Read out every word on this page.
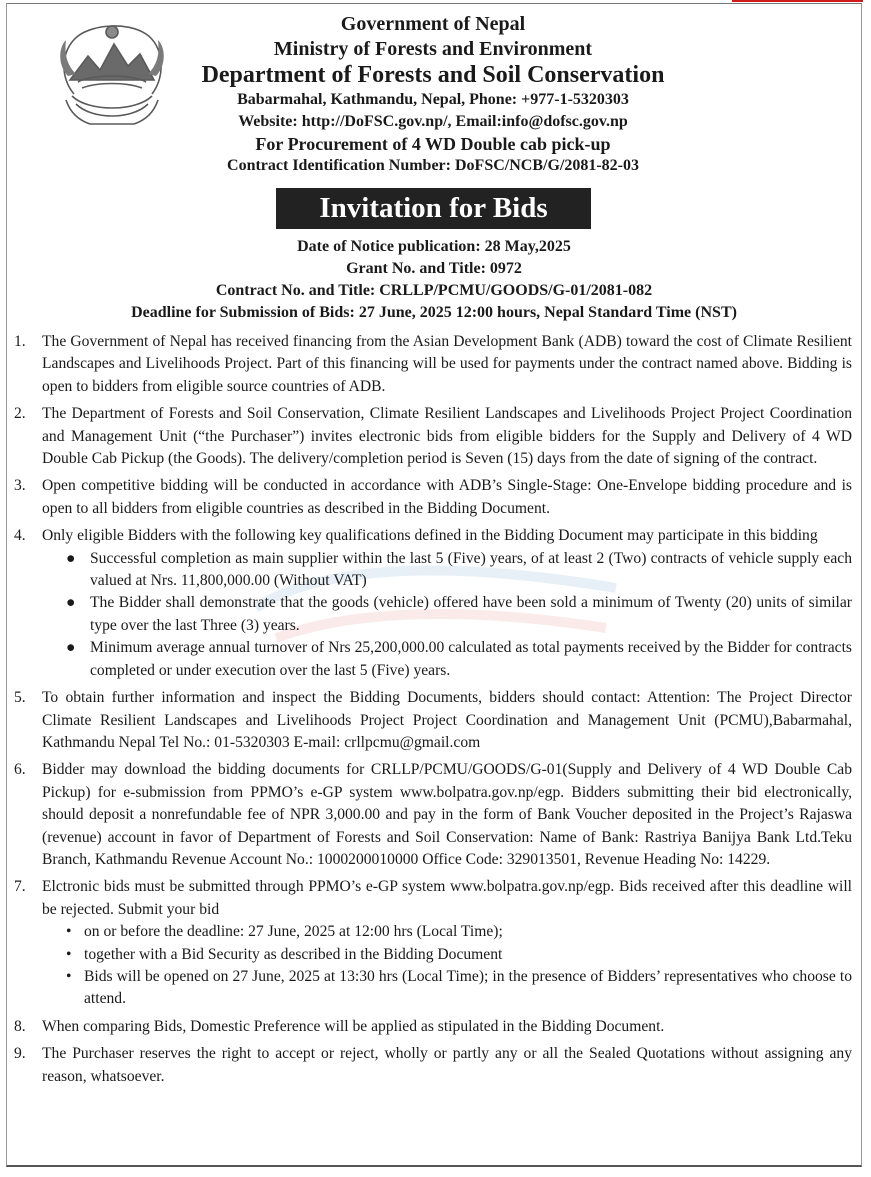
Government of Nepal
Ministry of Forests and Environment
Department of Forests and Soil Conservation
Babarmahal, Kathmandu, Nepal, Phone: +977-1-5320303
Website: http://DoFSC.gov.np/, Email:info@dofsc.gov.np
For Procurement of 4 WD Double cab pick-up
Contract Identification Number: DoFSC/NCB/G/2081-82-03
Invitation for Bids
Date of Notice publication: 28 May,2025
Grant No. and Title: 0972
Contract No. and Title: CRLLP/PCMU/GOODS/G-01/2081-082
Deadline for Submission of Bids: 27 June, 2025 12:00 hours, Nepal Standard Time (NST)
1. The Government of Nepal has received financing from the Asian Development Bank (ADB) toward the cost of Climate Resilient Landscapes and Livelihoods Project. Part of this financing will be used for payments under the contract named above. Bidding is open to bidders from eligible source countries of ADB.
2. The Department of Forests and Soil Conservation, Climate Resilient Landscapes and Livelihoods Project Project Coordination and Management Unit (“the Purchaser”) invites electronic bids from eligible bidders for the Supply and Delivery of 4 WD Double Cab Pickup (the Goods). The delivery/completion period is Seven (15) days from the date of signing of the contract.
3. Open competitive bidding will be conducted in accordance with ADB’s Single-Stage: One-Envelope bidding procedure and is open to all bidders from eligible countries as described in the Bidding Document.
4. Only eligible Bidders with the following key qualifications defined in the Bidding Document may participate in this bidding
● Successful completion as main supplier within the last 5 (Five) years, of at least 2 (Two) contracts of vehicle supply each valued at Nrs. 11,800,000.00 (Without VAT)
● The Bidder shall demonstrate that the goods (vehicle) offered have been sold a minimum of Twenty (20) units of similar type over the last Three (3) years.
● Minimum average annual turnover of Nrs 25,200,000.00 calculated as total payments received by the Bidder for contracts completed or under execution over the last 5 (Five) years.
5. To obtain further information and inspect the Bidding Documents, bidders should contact: Attention: The Project Director Climate Resilient Landscapes and Livelihoods Project Project Coordination and Management Unit (PCMU),Babarmahal, Kathmandu Nepal Tel No.: 01-5320303 E-mail: crllpcmu@gmail.com
6. Bidder may download the bidding documents for CRLLP/PCMU/GOODS/G-01(Supply and Delivery of 4 WD Double Cab Pickup) for e-submission from PPMO’s e-GP system www.bolpatra.gov.np/egp. Bidders submitting their bid electronically, should deposit a nonrefundable fee of NPR 3,000.00 and pay in the form of Bank Voucher deposited in the Project’s Rajaswa (revenue) account in favor of Department of Forests and Soil Conservation: Name of Bank: Rastriya Banijya Bank Ltd.Teku Branch, Kathmandu Revenue Account No.: 1000200010000 Office Code: 329013501, Revenue Heading No: 14229.
7. Elctronic bids must be submitted through PPMO’s e-GP system www.bolpatra.gov.np/egp. Bids received after this deadline will be rejected. Submit your bid
• on or before the deadline: 27 June, 2025 at 12:00 hrs (Local Time);
• together with a Bid Security as described in the Bidding Document
• Bids will be opened on 27 June, 2025 at 13:30 hrs (Local Time); in the presence of Bidders’ representatives who choose to attend.
8. When comparing Bids, Domestic Preference will be applied as stipulated in the Bidding Document.
9. The Purchaser reserves the right to accept or reject, wholly or partly any or all the Sealed Quotations without assigning any reason, whatsoever.
